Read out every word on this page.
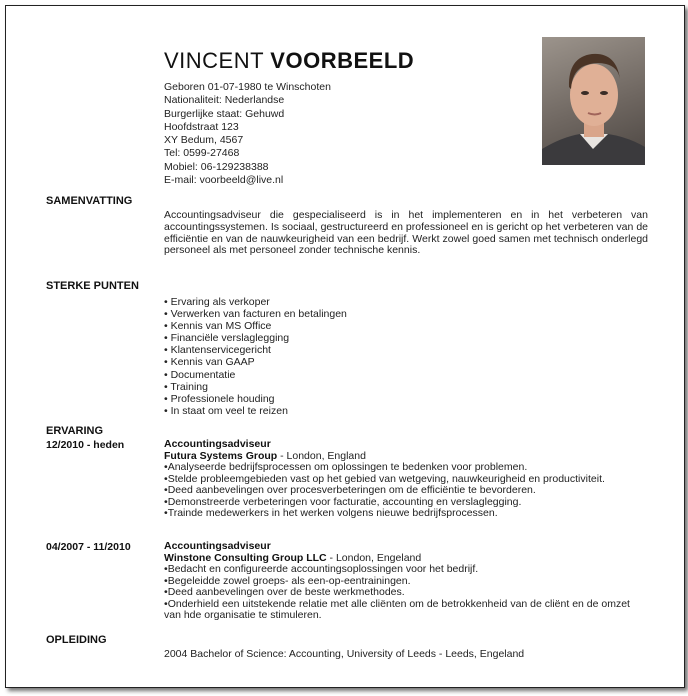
VINCENT VOORBEELD
Geboren 01-07-1980 te Winschoten
Nationaliteit: Nederlandse
Burgerlijke staat: Gehuwd
Hoofdstraat 123
XY Bedum, 4567
Tel: 0599-27468
Mobiel: 06-129238388
E-mail: voorbeeld@live.nl
SAMENVATTING
Accountingsadviseur die gespecialiseerd is in het implementeren en in het verbeteren van accountingssystemen. Is sociaal, gestructureerd en professioneel en is gericht op het verbeteren van de efficiëntie en van de nauwkeurigheid van een bedrijf. Werkt zowel goed samen met technisch onderlegd personeel als met personeel zonder technische kennis.
STERKE PUNTEN
• Ervaring als verkoper
• Verwerken van facturen en betalingen
• Kennis van MS Office
• Financiële verslaglegging
• Klantenservicegericht
• Kennis van GAAP
• Documentatie
• Training
• Professionele houding
• In staat om veel te reizen
ERVARING
12/2010 - heden	Accountingsadviseur
Futura Systems Group - London, England
• Analyseerde bedrijfsprocessen om oplossingen te bedenken voor problemen.
• Stelde probleemgebieden vast op het gebied van wetgeving, nauwkeurigheid en productiviteit.
• Deed aanbevelingen over procesverbeteringen om de efficiëntie te bevorderen.
• Demonstreerde verbeteringen voor facturatie, accounting en verslaglegging.
• Trainde medewerkers in het werken volgens nieuwe bedrijfsprocessen.
04/2007 - 11/2010	Accountingsadviseur
Winstone Consulting Group LLC - London, Engeland
• Bedacht en configureerde accountingsoplossingen voor het bedrijf.
• Begeleidde zowel groeps- als een-op-eentrainingen.
• Deed aanbevelingen over de beste werkmethodes.
• Onderhield een uitstekende relatie met alle cliënten om de betrokkenheid van de cliënt en de omzet van hde organisatie te stimuleren.
OPLEIDING
2004 Bachelor of Science: Accounting, University of Leeds - Leeds, Engeland
